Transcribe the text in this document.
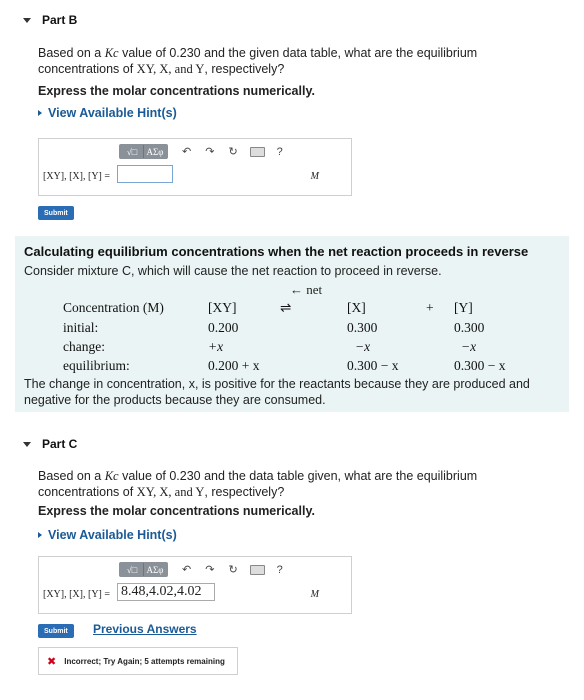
Part B
Based on a Kc value of 0.230 and the given data table, what are the equilibrium concentrations of XY, X, and Y, respectively?
Express the molar concentrations numerically.
View Available Hint(s)
√□	AΣφ ↶ ↷ ↻	?
[XY], [X], [Y] =	M
Submit
Calculating equilibrium concentrations when the net reaction proceeds in reverse
Consider mixture C, which will cause the net reaction to proceed in reverse.
← net
Concentration (M)	[XY]	⇌	[X]	+ [Y]
initial:	0.200	0.300	0.300
change:	+x	−x	−x
equilibrium:	0.200 + x	0.300 − x	0.300 − x
The change in concentration, x, is positive for the reactants because they are produced and negative for the products because they are consumed.
Part C
Based on a Kc value of 0.230 and the data table given, what are the equilibrium concentrations of XY, X, and Y, respectively?
Express the molar concentrations numerically.
View Available Hint(s)
√□	AΣφ ↶ ↷ ↻	?
[XY], [X], [Y] = 8.48,4.02,4.02	M
Submit	Previous Answers
✖ Incorrect; Try Again; 5 attempts remaining
